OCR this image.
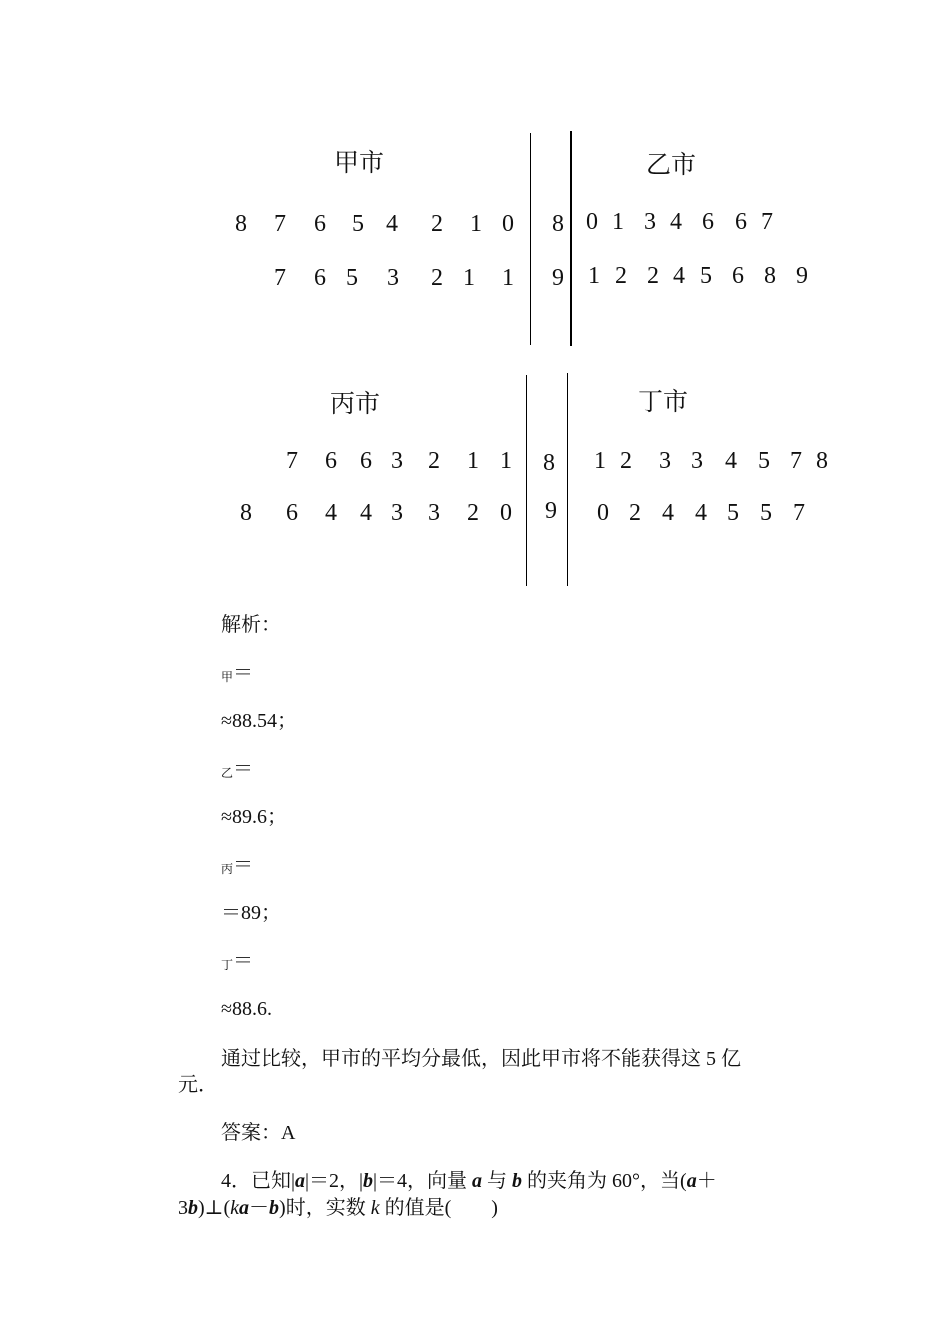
甲市	乙市
8 7 6 5 4 2 1 0 8 0 1 3 4 6 6 7
7 6 5 3 2 1 1 9 1 2 2 4 5 6 8 9
丙市	丁市
7 6 6 3 2 1 1 8 1 2 3 3 4 5 7 8
8 6 4 4 3 3 2 0 9 0 2 4 4 5 5 7
解析：
甲＝
≈88.54；
乙＝
≈89.6；
丙＝
＝89；
丁＝
≈88.6.
通过比较，甲市的平均分最低，因此甲市将不能获得这 5 亿
元．
答案：A
4．已知|a|＝2，|b|＝4，向量 a 与 b 的夹角为 60°，当(a＋
3b)⊥(ka－b)时，实数 k 的值是(　　)
